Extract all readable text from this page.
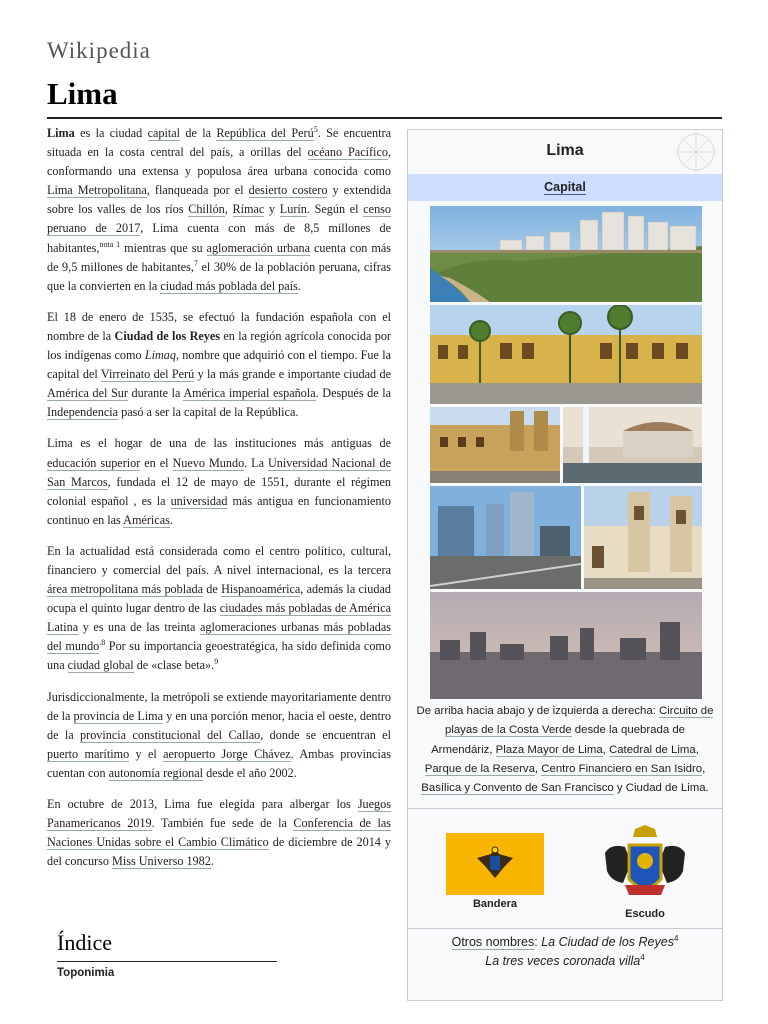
Wikipedia
Lima

Lima es la ciudad capital de la República del Perú$^5$. Se encuentra situada en la costa central del país, a orillas del océano Pacífico, conformando una extensa y populosa área urbana conocida como Lima Metropolitana, flanqueada por el desierto costero y extendida sobre los valles de los ríos Chillón, Rímac y Lurín. Según el censo peruano de 2017, Lima cuenta con más de 8,5 millones de habitantes,$^{nota 1}$ mientras que su aglomeración urbana cuenta con más de 9,5 millones de habitantes,$^7$ el 30% de la población peruana, cifras que la convierten en la ciudad más poblada del país.

El 18 de enero de 1535, se efectuó la fundación española con el nombre de la Ciudad de los Reyes en la región agrícola conocida por los indígenas como Limaq, nombre que adquirió con el tiempo. Fue la capital del Virreinato del Perú y la más grande e importante ciudad de América del Sur durante la América imperial española. Después de la Independencia pasó a ser la capital de la República.

Lima es el hogar de una de las instituciones más antiguas de educación superior en el Nuevo Mundo. La Universidad Nacional de San Marcos, fundada el 12 de mayo de 1551, durante el régimen colonial español , es la universidad más antigua en funcionamiento continuo en las Américas.

En la actualidad está considerada como el centro político, cultural, financiero y comercial del país. A nivel internacional, es la tercera área metropolitana más poblada de Hispanoamérica, además la ciudad ocupa el quinto lugar dentro de las ciudades más pobladas de América Latina y es una de las treinta aglomeraciones urbanas más pobladas del mundo$^{.8}$ Por su importancia geoestratégica, ha sido definida como una ciudad global de «clase beta».$^9$

Jurisdiccionalmente, la metrópoli se extiende mayoritariamente dentro de la provincia de Lima y en una porción menor, hacia el oeste, dentro de la provincia constitucional del Callao, donde se encuentran el puerto marítimo y el aeropuerto Jorge Chávez. Ambas provincias cuentan con autonomía regional desde el año 2002.

En octubre de 2013, Lima fue elegida para albergar los Juegos Panamericanos 2019. También fue sede de la Conferencia de las Naciones Unidas sobre el Cambio Climático de diciembre de 2014 y del concurso Miss Universo 1982.

Índice
Toponimia
Lima
Capital
De arriba hacia abajo y de izquierda a derecha: Circuito de playas de la Costa Verde desde la quebrada de Armendáriz, Plaza Mayor de Lima, Catedral de Lima, Parque de la Reserva, Centro Financiero en San Isidro, Basílica y Convento de San Francisco y Ciudad de Lima.
Bandera
Escudo
Otros nombres: La Ciudad de los Reyes$^4$
La tres veces coronada villa$^4$
